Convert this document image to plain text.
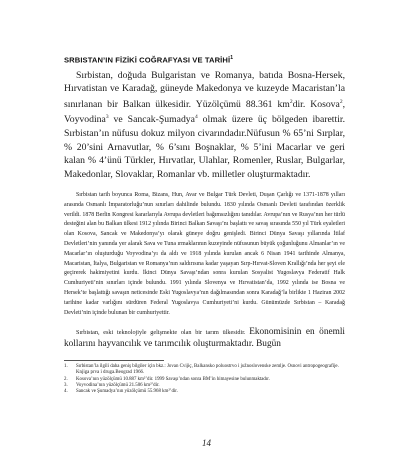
SRBISTAN’IN FİZİKİ COĞRAFYASI VE TARİHİ$^1$

Sırbistan, doğuda Bulgaristan ve Romanya, batıda Bosna-Hersek, Hırvatistan ve Karadağ, güneyde Makedonya ve kuzeyde Macaristan’la sınırlanan bir Balkan ülkesidir. Yüzölçümü 88.361 $km^2dir$. Kosova$^2$, Voyvodina$^3$ ve Sancak-Şumadya$^4$ olmak üzere üç bölgeden ibarettir. Sırbistan’ın nüfusu dokuz milyon civarındadır.Nüfusun % 65’ni Sırplar, % 20’sini Arnavutlar, % 6’sını Boşnaklar, % 5’ini Macarlar ve geri kalan % 4’ünü Türkler, Hırvatlar, Ulahlar, Romenler, Ruslar, Bulgarlar, Makedonlar, Slovaklar, Romanlar vb. milletler oluşturmaktadır.

Sırbistan tarih boyunca Roma, Bizans, Hun, Avar ve Bulgar Türk Devleti, Duşan Çarlığı ve 1371-1878 yılları arasında Osmanlı İmparatorluğu’nun sınırları dahilinde bulundu. 1830 yılında Osmanlı Devleti tarafından özerklik verildi. 1878 Berlin Kongresi kararlarıyla Avrupa devletleri bağımsızlığını tanıdılar. Avrupa’nın ve Rusya’nın her türlü desteğini alan bu Balkan ülkesi 1912 yılında Birinci Balkan Savaşı’nı başlattı ve savaş sırasında 550 yıl Türk eyaletleri olan Kosova, Sancak ve Makedonya’yı olarak güneye doğru genişledi. Birinci Dünya Savaşı yıllarında İtilaf Devletleri’nin yanında yer alarak Sava ve Tuna ırmaklarının kuzeyinde nüfusunun büyük çoğunluğunu Almanlar’ın ve Macarlar’ın oluşturduğu Voyvodina’yı da aldı ve 1918 yılında kurulan ancak 6 Nisan 1941 tarihinde Almanya, Macaristan, İtalya, Bulgaristan ve Romanya’nın saldırısına kadar yaşayan Sırp-Hırvat-Sloven Krallığı’nda her şeyi ele geçirerek hakimiyetini kurdu. İkinci Dünya Savaşı’ndan sonra kurulan Sosyalist Yugoslavya Federatif Halk Cumhuriyeti’nin sınırları içinde bulundu. 1991 yılında Slovenya ve Hırvatistan’da, 1992 yılında ise Bosna ve Hersek’te başlattığı savaşın neticesinde Eski Yugoslavya’nın dağılmasından sonra Karadağ’la birlikte 1 Haziran 2002 tarihine kadar varlığını sürdüren Federal Yugoslavya Cumhuriyeti’ni kurdu. Günümüzde Sırbistan – Karadağ Devleti’nin içinde bulunan bir cumhuriyettir.

Sırbistan, eski teknolojiyle gelişmekte olan bir tarım ülkesidir. Ekonomisinin en önemli kollarını hayvancılık ve tarımcılık oluşturmaktadır. Bugün

1.	Sırbistan’la ilgili daha geniş bilgiler için bkz.: Jovan Cvijiç, Balkansko poluostrvo i južnoslovenske zemlje. Osnovi antropogeografije. Knjiga prva i druga.Beograd 1966.
2.	Kosova’nın yüzölçümü 10.887 km²’dir. 1999 Savaşı’ndan sonra BM’in himayesine bulunmaktadır.
3.	Voyvodina’nın yüzölçümü 21.506 km²’dir.
4.	Sancak ve Şumadya’nın yüzölçümü 55.968 km²’dir.
14
